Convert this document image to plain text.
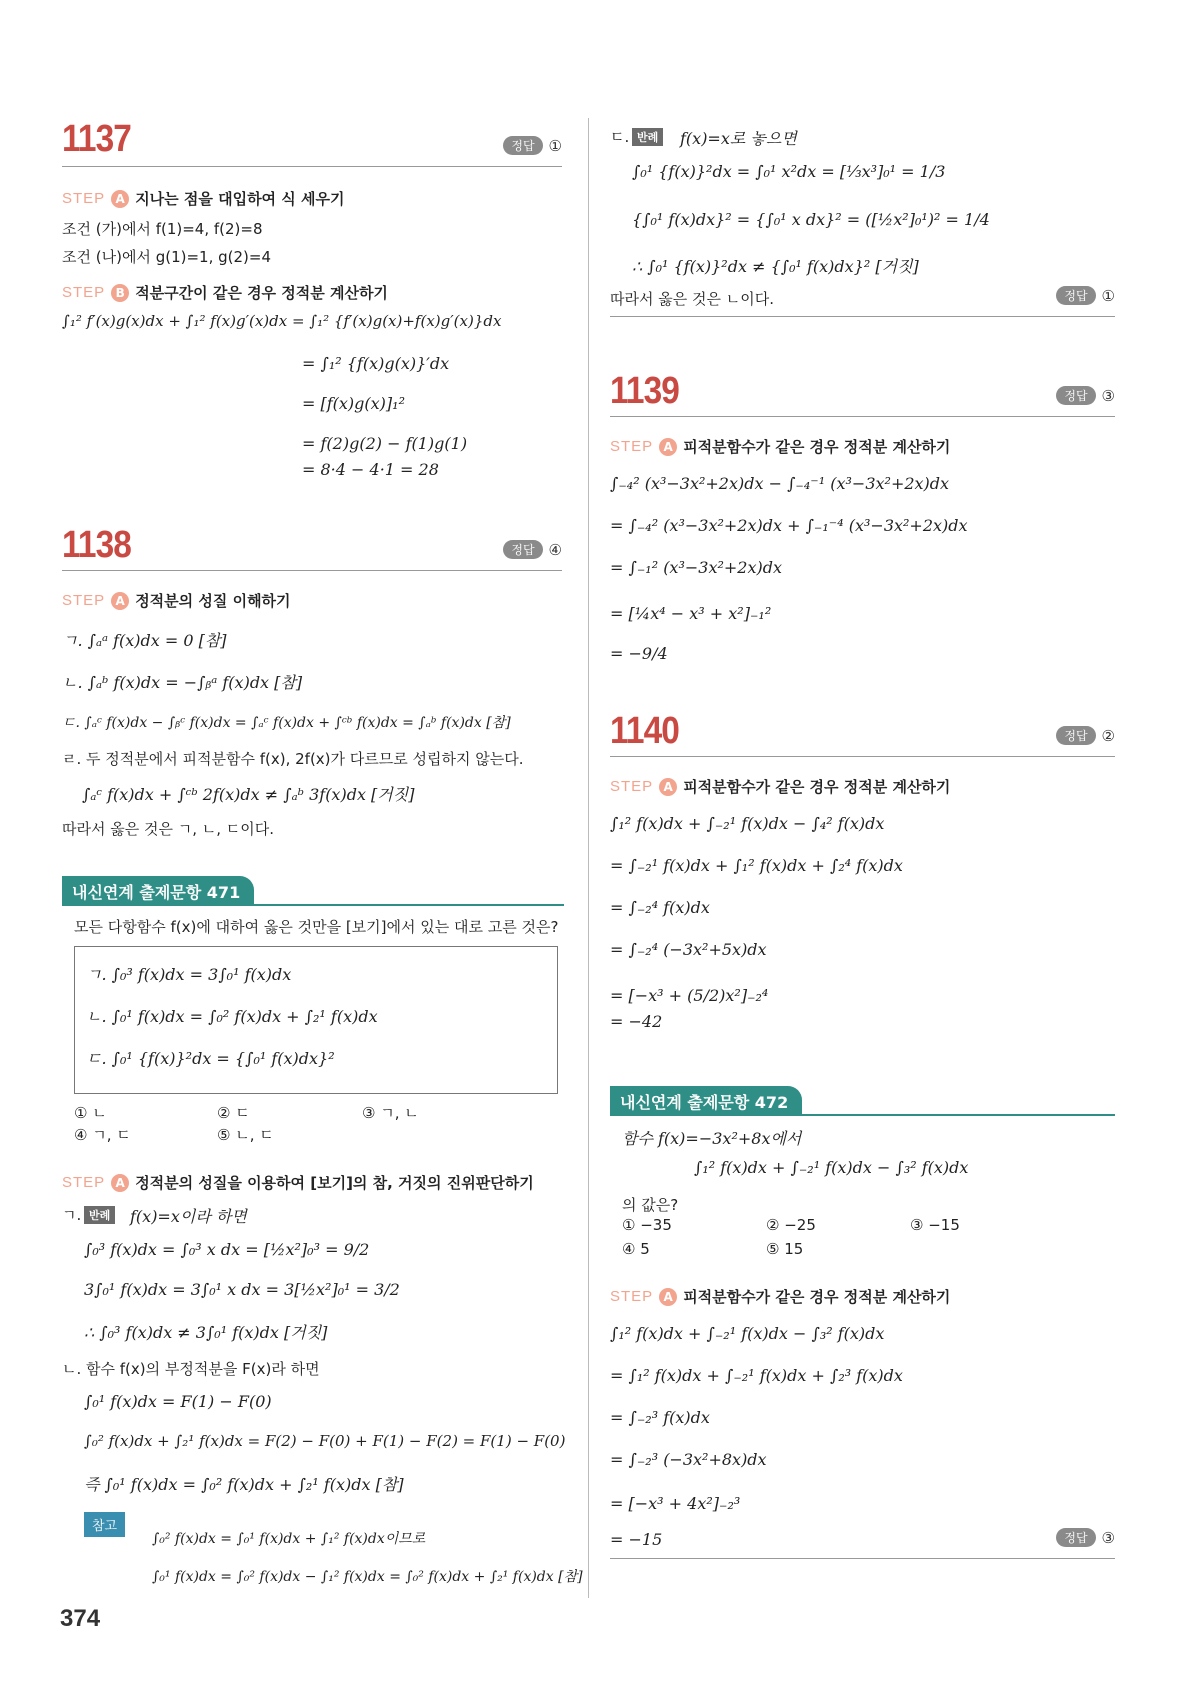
1137	정답 ①
STEP A 지나는 점을 대입하여 식 세우기
조건 (가)에서 f(1)=4, f(2)=8
조건 (나)에서 g(1)=1, g(2)=4
STEP B 적분구간이 같은 경우 정적분 계산하기
∫₁² f′(x)g(x)dx + ∫₁² f(x)g′(x)dx = ∫₁² {f′(x)g(x)+f(x)g′(x)}dx
= ∫₁² {f(x)g(x)}′dx
= [f(x)g(x)]₁²
= f(2)g(2) − f(1)g(1)
= 8·4 − 4·1 = 28
1138	정답 ④
STEP A 정적분의 성질 이해하기
ㄱ. ∫ₐᵃ f(x)dx = 0 [참]
ㄴ. ∫ₐᵇ f(x)dx = −∫ᵦᵃ f(x)dx [참]
ㄷ. ∫ₐᶜ f(x)dx − ∫ᵦᶜ f(x)dx = ∫ₐᶜ f(x)dx + ∫ᶜᵇ f(x)dx = ∫ₐᵇ f(x)dx [참]
ㄹ. 두 정적분에서 피적분함수 f(x), 2f(x)가 다르므로 성립하지 않는다.
∫ₐᶜ f(x)dx + ∫ᶜᵇ 2f(x)dx ≠ ∫ₐᵇ 3f(x)dx [거짓]
따라서 옳은 것은 ㄱ, ㄴ, ㄷ이다.
내신연계 출제문항 471
모든 다항함수 f(x)에 대하여 옳은 것만을 [보기]에서 있는 대로 고른 것은?
ㄱ. ∫₀³ f(x)dx = 3∫₀¹ f(x)dx
ㄴ. ∫₀¹ f(x)dx = ∫₀² f(x)dx + ∫₂¹ f(x)dx
ㄷ. ∫₀¹ {f(x)}²dx = {∫₀¹ f(x)dx}²
① ㄴ	② ㄷ	③ ㄱ, ㄴ
④ ㄱ, ㄷ	⑤ ㄴ, ㄷ
STEP A 정적분의 성질을 이용하여 [보기]의 참, 거짓의 진위판단하기
ㄱ. 반례	f(x)=x이라 하면
∫₀³ f(x)dx = ∫₀³ x dx = [½x²]₀³ = 9/2
3∫₀¹ f(x)dx = 3∫₀¹ x dx = 3[½x²]₀¹ = 3/2
∴ ∫₀³ f(x)dx ≠ 3∫₀¹ f(x)dx [거짓]
ㄴ. 함수 f(x)의 부정적분을 F(x)라 하면
∫₀¹ f(x)dx = F(1) − F(0)
∫₀² f(x)dx + ∫₂¹ f(x)dx = F(2) − F(0) + F(1) − F(2) = F(1) − F(0)
즉 ∫₀¹ f(x)dx = ∫₀² f(x)dx + ∫₂¹ f(x)dx [참]
참고
∫₀² f(x)dx = ∫₀¹ f(x)dx + ∫₁² f(x)dx이므로
∫₀¹ f(x)dx = ∫₀² f(x)dx − ∫₁² f(x)dx = ∫₀² f(x)dx + ∫₂¹ f(x)dx [참]
ㄷ. 반례	f(x)=x로 놓으면
∫₀¹ {f(x)}²dx = ∫₀¹ x²dx = [⅓x³]₀¹ = 1/3
{∫₀¹ f(x)dx}² = {∫₀¹ x dx}² = ([½x²]₀¹)² = 1/4
∴ ∫₀¹ {f(x)}²dx ≠ {∫₀¹ f(x)dx}² [거짓]
따라서 옳은 것은 ㄴ이다.	정답 ①
1139	정답 ③
STEP A 피적분함수가 같은 경우 정적분 계산하기
∫₋₄² (x³−3x²+2x)dx − ∫₋₄⁻¹ (x³−3x²+2x)dx
= ∫₋₄² (x³−3x²+2x)dx + ∫₋₁⁻⁴ (x³−3x²+2x)dx
= ∫₋₁² (x³−3x²+2x)dx
= [¼x⁴ − x³ + x²]₋₁²
= −9/4
1140	정답 ②
STEP A 피적분함수가 같은 경우 정적분 계산하기
∫₁² f(x)dx + ∫₋₂¹ f(x)dx − ∫₄² f(x)dx
= ∫₋₂¹ f(x)dx + ∫₁² f(x)dx + ∫₂⁴ f(x)dx
= ∫₋₂⁴ f(x)dx
= ∫₋₂⁴ (−3x²+5x)dx
= [−x³ + (5/2)x²]₋₂⁴
= −42
내신연계 출제문항 472
함수 f(x)=−3x²+8x에서
∫₁² f(x)dx + ∫₋₂¹ f(x)dx − ∫₃² f(x)dx
의 값은?
① −35	② −25	③ −15
④ 5	⑤ 15
STEP A 피적분함수가 같은 경우 정적분 계산하기
∫₁² f(x)dx + ∫₋₂¹ f(x)dx − ∫₃² f(x)dx
= ∫₁² f(x)dx + ∫₋₂¹ f(x)dx + ∫₂³ f(x)dx
= ∫₋₂³ f(x)dx
= ∫₋₂³ (−3x²+8x)dx
= [−x³ + 4x²]₋₂³
= −15	정답 ③
374
